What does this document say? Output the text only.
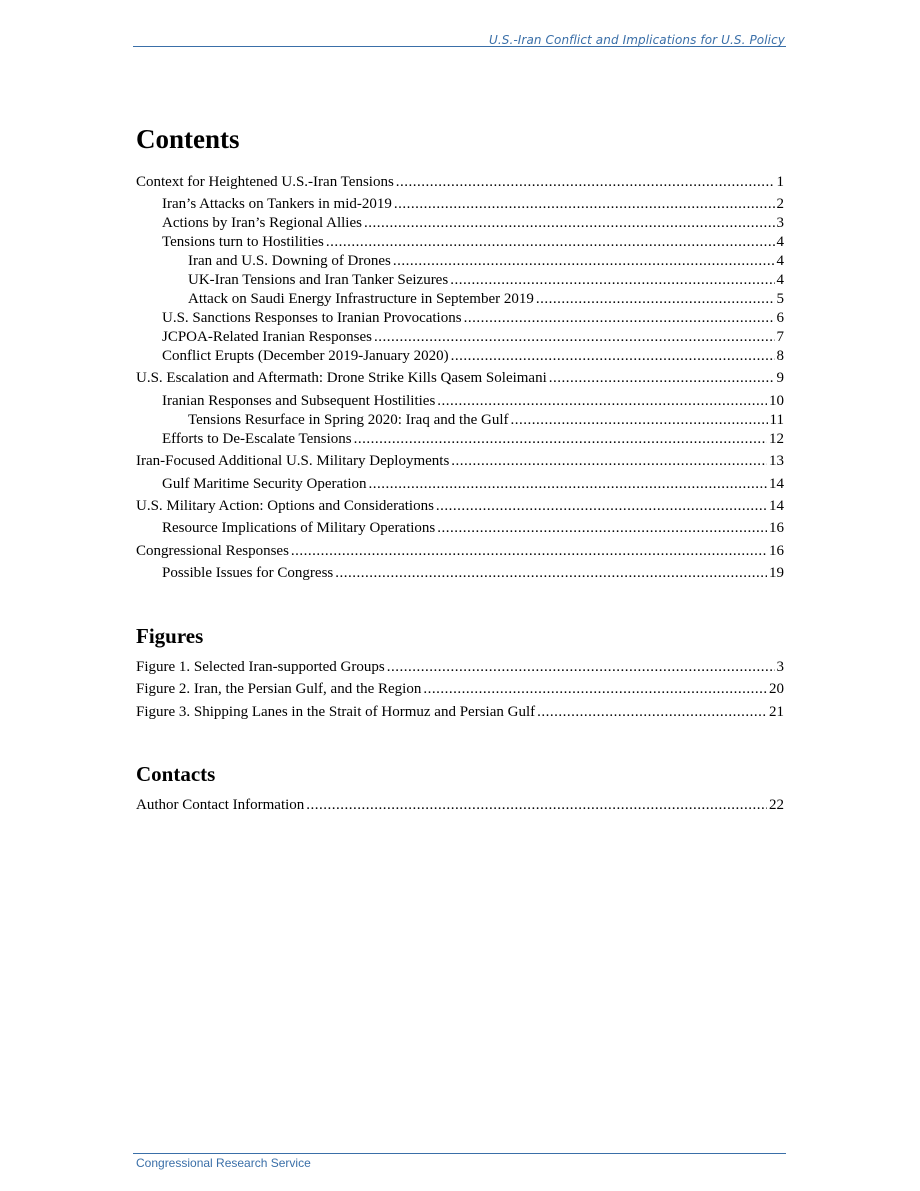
U.S.-Iran Conflict and Implications for U.S. Policy
Contents
Context for Heightened U.S.-Iran Tensions .....	1
Iran’s Attacks on Tankers in mid-2019 .....	2
Actions by Iran’s Regional Allies .....	3
Tensions turn to Hostilities .....	4
Iran and U.S. Downing of Drones .....	4
UK-Iran Tensions and Iran Tanker Seizures .....	4
Attack on Saudi Energy Infrastructure in September 2019 .....	5
U.S. Sanctions Responses to Iranian Provocations .....	6
JCPOA-Related Iranian Responses .....	7
Conflict Erupts (December 2019-January 2020) .....	8
U.S. Escalation and Aftermath: Drone Strike Kills Qasem Soleimani .....	9
Iranian Responses and Subsequent Hostilities .....	10
Tensions Resurface in Spring 2020: Iraq and the Gulf .....	11
Efforts to De-Escalate Tensions .....	12
Iran-Focused Additional U.S. Military Deployments .....	13
Gulf Maritime Security Operation .....	14
U.S. Military Action: Options and Considerations .....	14
Resource Implications of Military Operations .....	16
Congressional Responses .....	16
Possible Issues for Congress .....	19
Figures
Figure 1. Selected Iran-supported Groups .....	3
Figure 2. Iran, the Persian Gulf, and the Region .....	20
Figure 3. Shipping Lanes in the Strait of Hormuz and Persian Gulf .....	21
Contacts
Author Contact Information .....	22
Congressional Research Service
